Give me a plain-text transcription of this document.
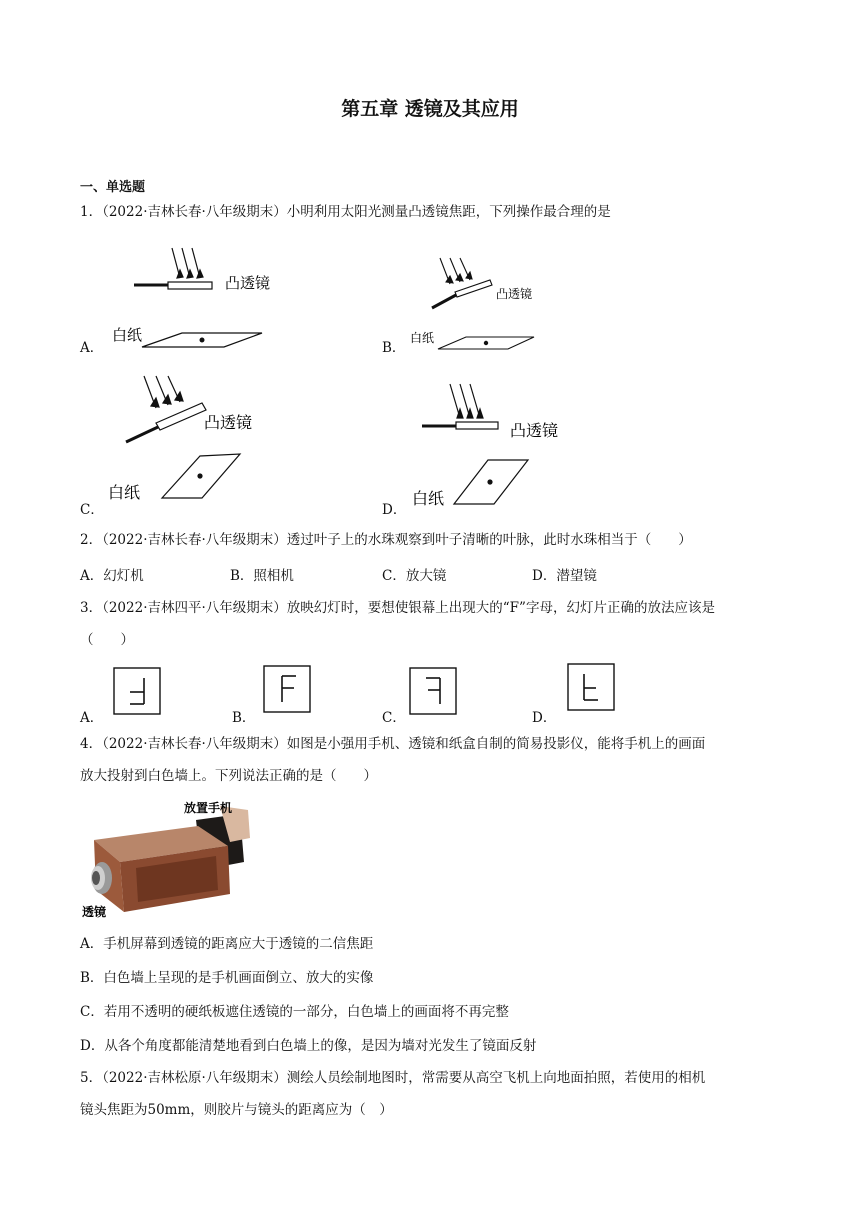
第五章 透镜及其应用
一、单选题
1．（2022·吉林长春·八年级期末）小明利用太阳光测量凸透镜焦距，下列操作最合理的是
凸透镜
白纸
A．
凸透镜
白纸
B．
凸透镜
白纸
C．
凸透镜
白纸
D．
2．（2022·吉林长春·八年级期末）透过叶子上的水珠观察到叶子清晰的叶脉，此时水珠相当于（　　）
A．幻灯机	B．照相机	C．放大镜	D．潜望镜
3．（2022·吉林四平·八年级期末）放映幻灯时，要想使银幕上出现大的“F”字母，幻灯片正确的放法应该是
（　　）
A．	B．	C．	D．
4．（2022·吉林长春·八年级期末）如图是小强用手机、透镜和纸盒自制的简易投影仪，能将手机上的画面
放大投射到白色墙上。下列说法正确的是（　　）
放置手机
透镜
A．手机屏幕到透镜的距离应大于透镜的二信焦距
B．白色墙上呈现的是手机画面倒立、放大的实像
C．若用不透明的硬纸板遮住透镜的一部分，白色墙上的画面将不再完整
D．从各个角度都能清楚地看到白色墙上的像，是因为墙对光发生了镜面反射
5．（2022·吉林松原·八年级期末）测绘人员绘制地图时，常需要从高空飞机上向地面拍照，若使用的相机
镜头焦距为50mm，则胶片与镜头的距离应为（　）
